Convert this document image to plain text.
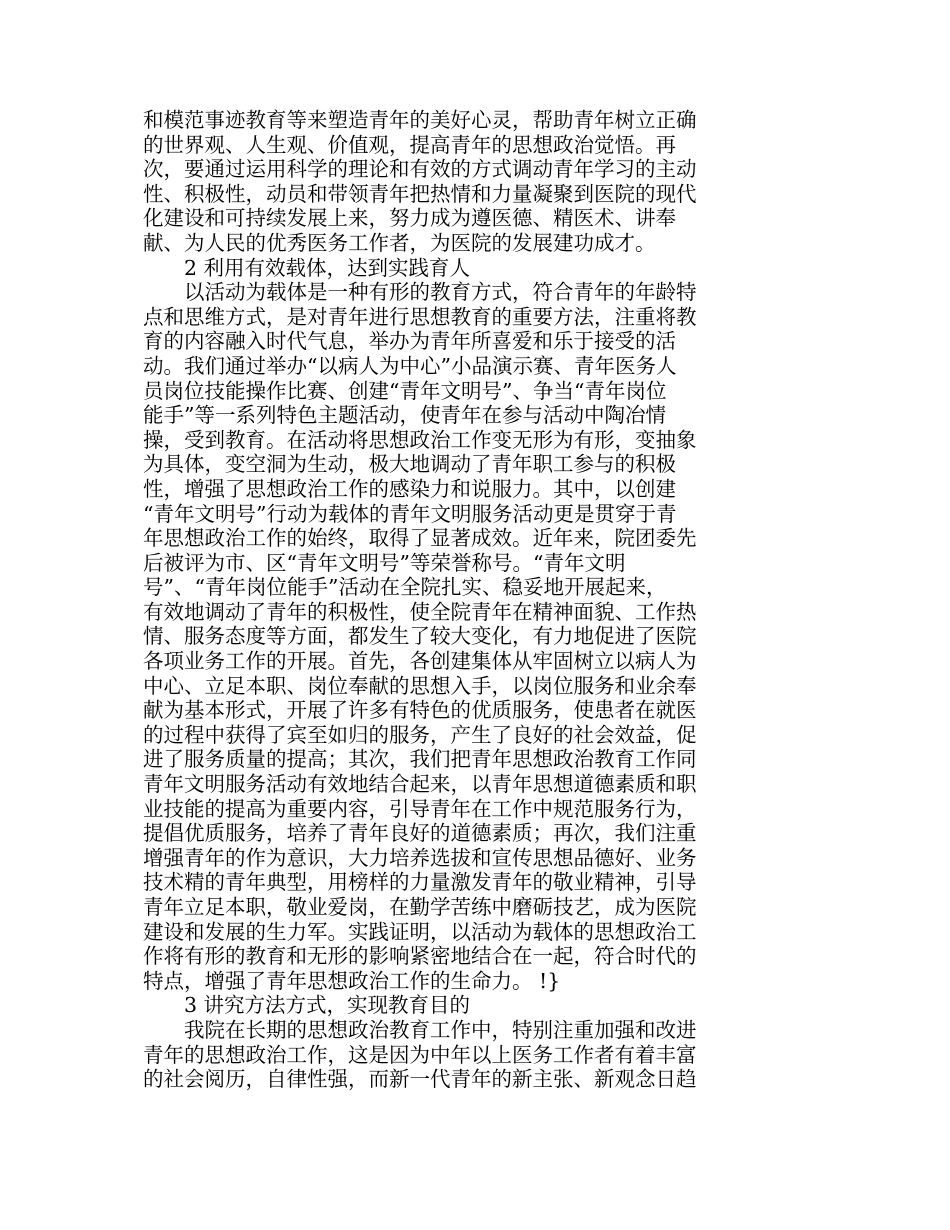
和模范事迹教育等来塑造青年的美好心灵，帮助青年树立正确
的世界观、人生观、价值观，提高青年的思想政治觉悟。再
次，要通过运用科学的理论和有效的方式调动青年学习的主动
性、积极性，动员和带领青年把热情和力量凝聚到医院的现代
化建设和可持续发展上来，努力成为遵医德、精医术、讲奉
献、为人民的优秀医务工作者，为医院的发展建功成才。
2 利用有效载体，达到实践育人
以活动为载体是一种有形的教育方式，符合青年的年龄特
点和思维方式，是对青年进行思想教育的重要方法，注重将教
育的内容融入时代气息，举办为青年所喜爱和乐于接受的活
动。我们通过举办“以病人为中心”小品演示赛、青年医务人
员岗位技能操作比赛、创建“青年文明号”、争当“青年岗位
能手”等一系列特色主题活动，使青年在参与活动中陶冶情
操，受到教育。在活动将思想政治工作变无形为有形，变抽象
为具体，变空洞为生动，极大地调动了青年职工参与的积极
性，增强了思想政治工作的感染力和说服力。其中，以创建
“青年文明号”行动为载体的青年文明服务活动更是贯穿于青
年思想政治工作的始终，取得了显著成效。近年来，院团委先
后被评为市、区“青年文明号”等荣誉称号。“青年文明
号”、“青年岗位能手”活动在全院扎实、稳妥地开展起来，
有效地调动了青年的积极性，使全院青年在精神面貌、工作热
情、服务态度等方面，都发生了较大变化，有力地促进了医院
各项业务工作的开展。首先，各创建集体从牢固树立以病人为
中心、立足本职、岗位奉献的思想入手，以岗位服务和业余奉
献为基本形式，开展了许多有特色的优质服务，使患者在就医
的过程中获得了宾至如归的服务，产生了良好的社会效益，促
进了服务质量的提高；其次，我们把青年思想政治教育工作同
青年文明服务活动有效地结合起来，以青年思想道德素质和职
业技能的提高为重要内容，引导青年在工作中规范服务行为，
提倡优质服务，培养了青年良好的道德素质；再次，我们注重
增强青年的作为意识，大力培养选拔和宣传思想品德好、业务
技术精的青年典型，用榜样的力量激发青年的敬业精神，引导
青年立足本职，敬业爱岗，在勤学苦练中磨砺技艺，成为医院
建设和发展的生力军。实践证明，以活动为载体的思想政治工
作将有形的教育和无形的影响紧密地结合在一起，符合时代的
特点，增强了青年思想政治工作的生命力。 !}
3 讲究方法方式，实现教育目的
我院在长期的思想政治教育工作中，特别注重加强和改进
青年的思想政治工作，这是因为中年以上医务工作者有着丰富
的社会阅历，自律性强，而新一代青年的新主张、新观念日趋
